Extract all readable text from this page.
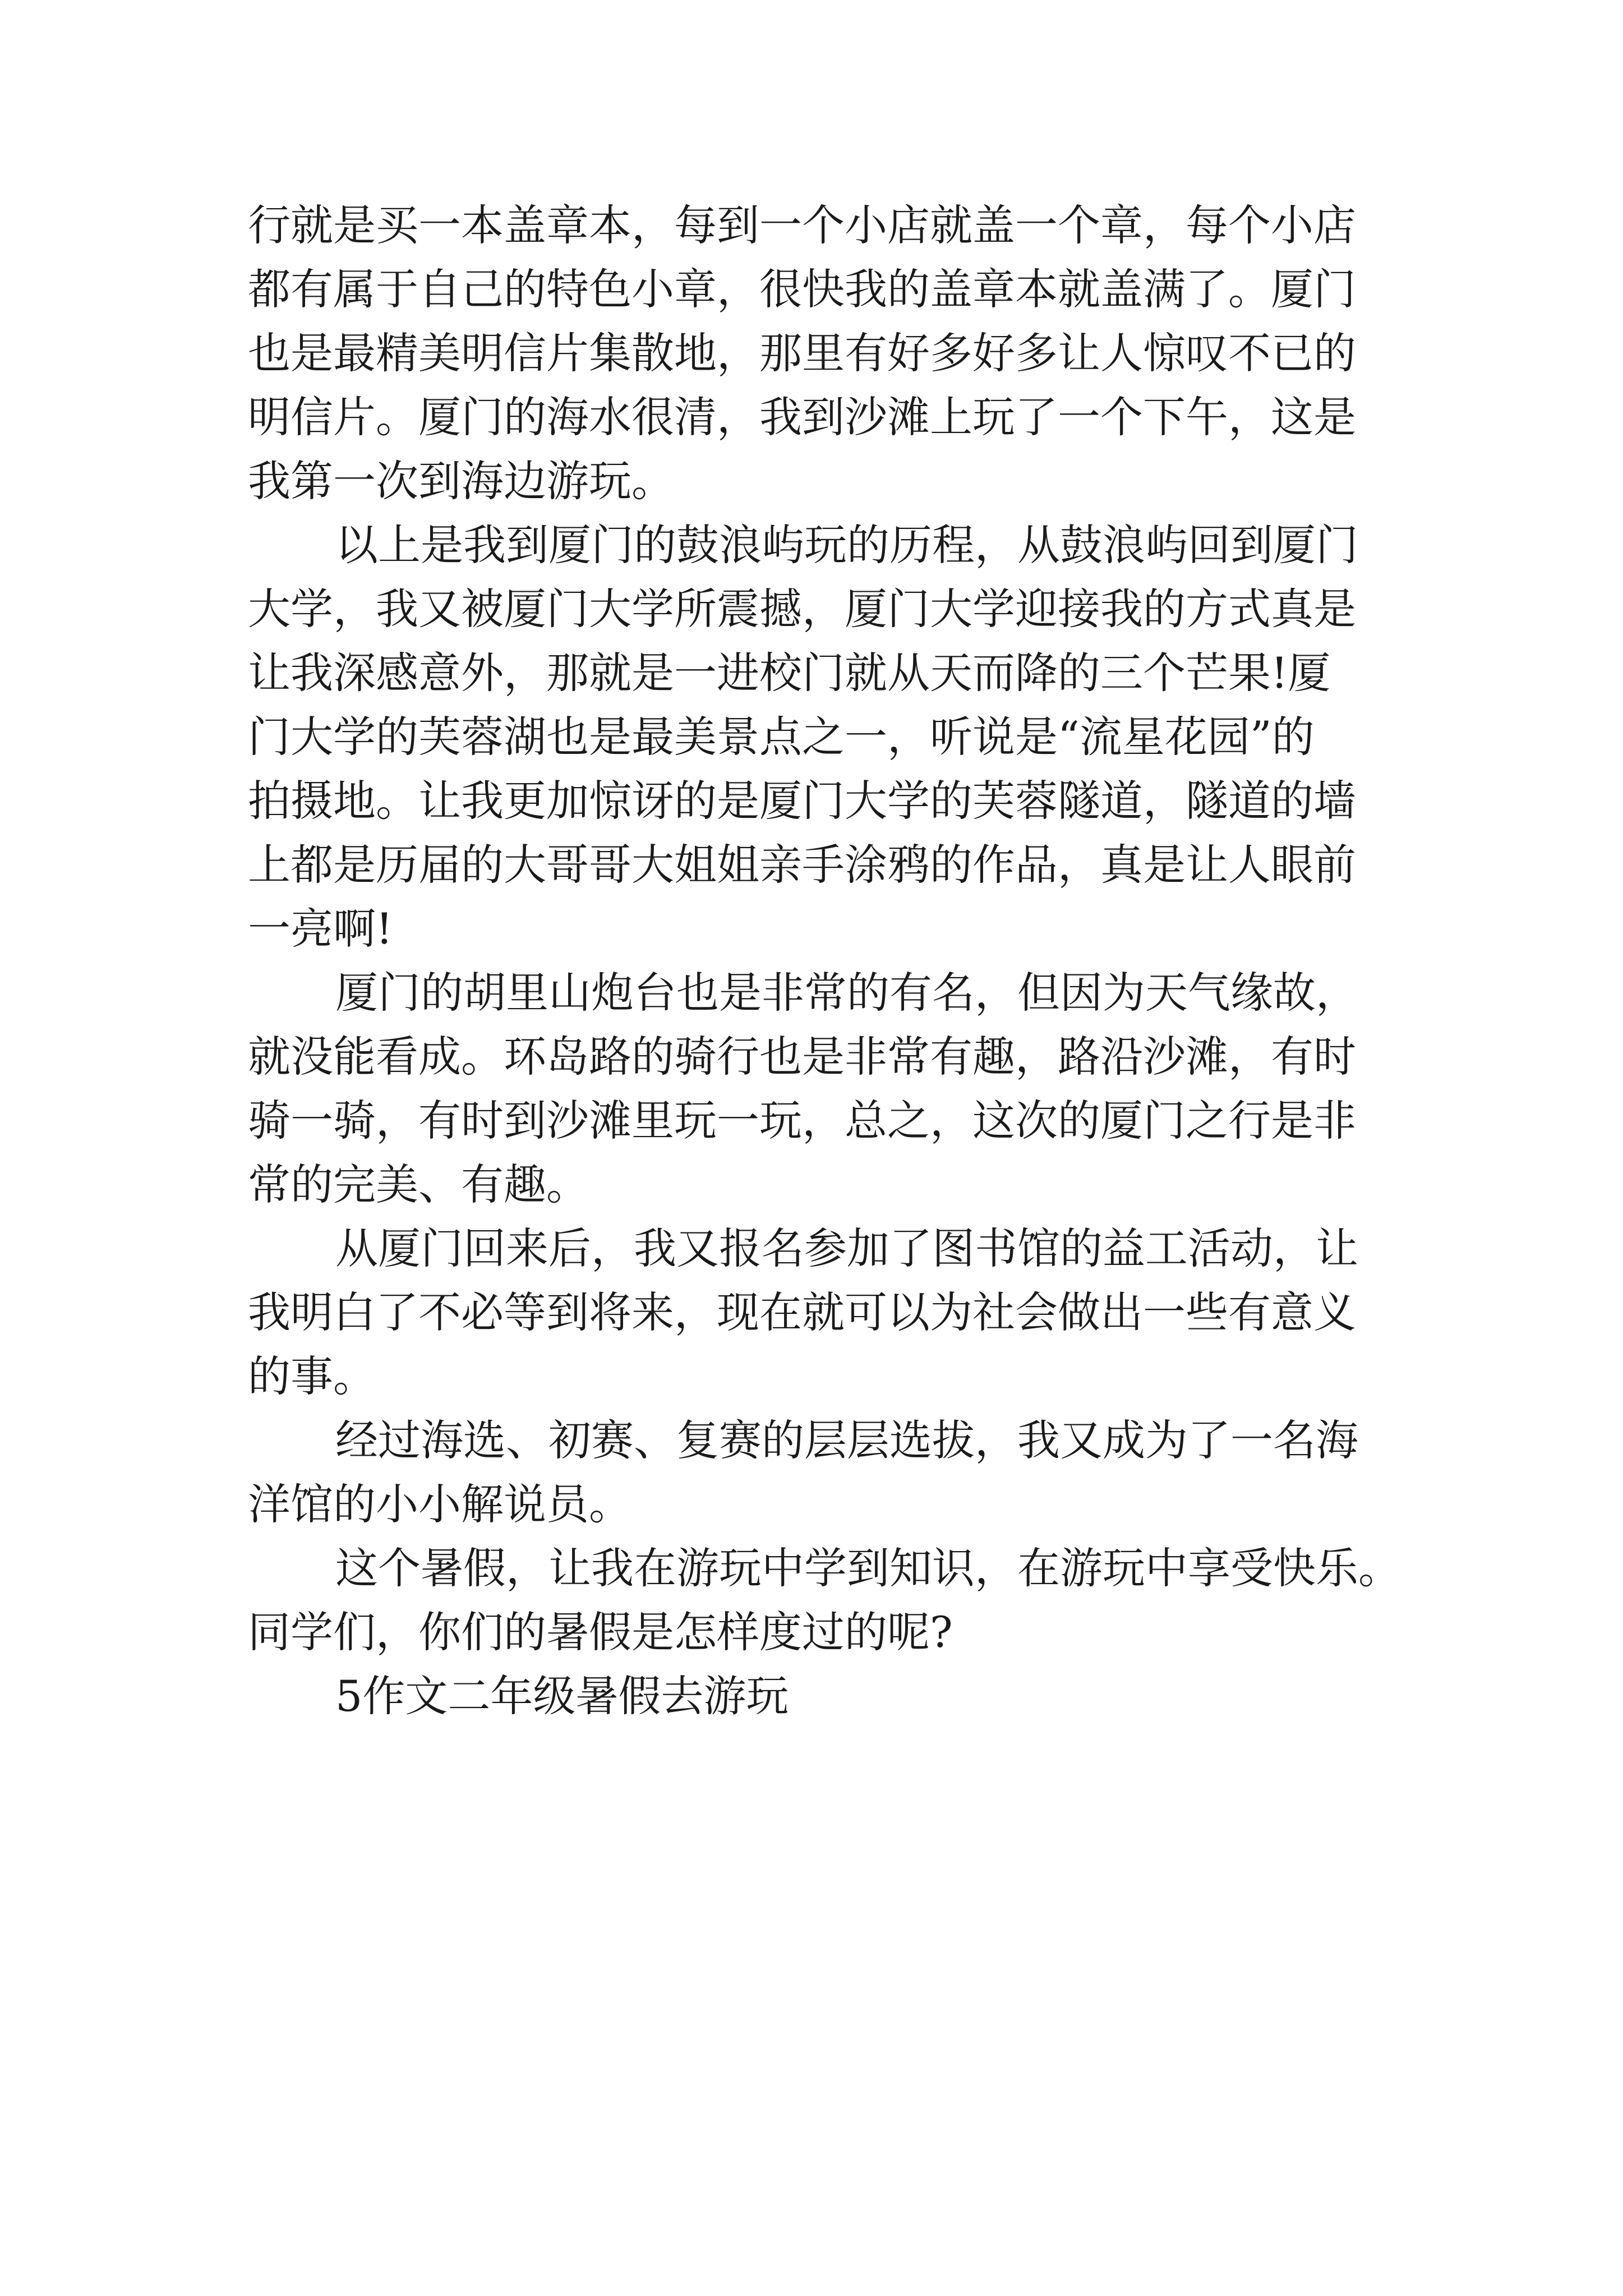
行就是买一本盖章本，每到一个小店就盖一个章，每个小店

都有属于自己的特色小章，很快我的盖章本就盖满了。厦门

也是最精美明信片集散地，那里有好多好多让人惊叹不已的

明信片。厦门的海水很清，我到沙滩上玩了一个下午，这是

我第一次到海边游玩。

以上是我到厦门的鼓浪屿玩的历程，从鼓浪屿回到厦门

大学，我又被厦门大学所震撼，厦门大学迎接我的方式真是

让我深感意外，那就是一进校门就从天而降的三个芒果!厦

门大学的芙蓉湖也是最美景点之一，听说是“流星花园”的

拍摄地。让我更加惊讶的是厦门大学的芙蓉隧道，隧道的墙

上都是历届的大哥哥大姐姐亲手涂鸦的作品，真是让人眼前

一亮啊!

厦门的胡里山炮台也是非常的有名，但因为天气缘故，

就没能看成。环岛路的骑行也是非常有趣，路沿沙滩，有时

骑一骑，有时到沙滩里玩一玩，总之，这次的厦门之行是非

常的完美、有趣。

从厦门回来后，我又报名参加了图书馆的益工活动，让

我明白了不必等到将来，现在就可以为社会做出一些有意义

的事。

经过海选、初赛、复赛的层层选拔，我又成为了一名海

洋馆的小小解说员。

这个暑假，让我在游玩中学到知识，在游玩中享受快乐。

同学们，你们的暑假是怎样度过的呢?

5作文二年级暑假去游玩
